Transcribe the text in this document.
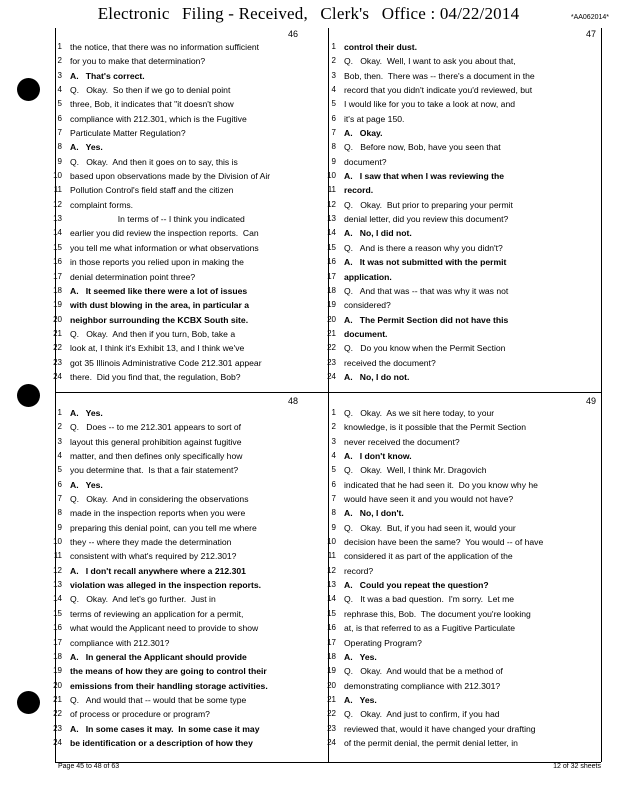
Electronic Filing - Received, Clerk's Office : 04/22/2014	*AA062014*
46	47
48	49
1 the notice, that there was no information sufficient
2 for you to make that determination?
3 A.   That's correct.
4 Q.   Okay.  So then if we go to denial point
5 three, Bob, it indicates that "it doesn't show
6 compliance with 212.301, which is the Fugitive
7 Particulate Matter Regulation?
8 A.   Yes.
9 Q.   Okay.  And then it goes on to say, this is
10 based upon observations made by the Division of Air
11 Pollution Control's field staff and the citizen
12 complaint forms.
13 In terms of -- I think you indicated
14 earlier you did review the inspection reports.  Can
15 you tell me what information or what observations
16 in those reports you relied upon in making the
17 denial determination point three?
18 A.   It seemed like there were a lot of issues
19 with dust blowing in the area, in particular a
20 neighbor surrounding the KCBX South site.
21 Q.   Okay.  And then if you turn, Bob, take a
22 look at, I think it's Exhibit 13, and I think we've
23 got 35 Illinois Administrative Code 212.301 appear
24 there.  Did you find that, the regulation, Bob?
1 control their dust.
2 Q.   Okay.  Well, I want to ask you about that,
3 Bob, then.  There was -- there's a document in the
4 record that you didn't indicate you'd reviewed, but
5 I would like for you to take a look at now, and
6 it's at page 150.
7 A.   Okay.
8 Q.   Before now, Bob, have you seen that
9 document?
10 A.   I saw that when I was reviewing the
11 record.
12 Q.   Okay.  But prior to preparing your permit
13 denial letter, did you review this document?
14 A.   No, I did not.
15 Q.   And is there a reason why you didn't?
16 A.   It was not submitted with the permit
17 application.
18 Q.   And that was -- that was why it was not
19 considered?
20 A.   The Permit Section did not have this
21 document.
22 Q.   Do you know when the Permit Section
23 received the document?
24 A.   No, I do not.
1 A.   Yes.
2 Q.   Does -- to me 212.301 appears to sort of
3 layout this general prohibition against fugitive
4 matter, and then defines only specifically how
5 you determine that.  Is that a fair statement?
6 A.   Yes.
7 Q.   Okay.  And in considering the observations
8 made in the inspection reports when you were
9 preparing this denial point, can you tell me where
10 they -- where they made the determination
11 consistent with what's required by 212.301?
12 A.   I don't recall anywhere where a 212.301
13 violation was alleged in the inspection reports.
14 Q.   Okay.  And let's go further.  Just in
15 terms of reviewing an application for a permit,
16 what would the Applicant need to provide to show
17 compliance with 212.301?
18 A.   In general the Applicant should provide
19 the means of how they are going to control their
20 emissions from their handling storage activities.
21 Q.   And would that -- would that be some type
22 of process or procedure or program?
23 A.   In some cases it may.  In some case it may
24 be identification or a description of how they
1 Q.   Okay.  As we sit here today, to your
2 knowledge, is it possible that the Permit Section
3 never received the document?
4 A.   I don't know.
5 Q.   Okay.  Well, I think Mr. Dragovich
6 indicated that he had seen it.  Do you know why he
7 would have seen it and you would not have?
8 A.   No, I don't.
9 Q.   Okay.  But, if you had seen it, would your
10 decision have been the same?  You would -- of have
11 considered it as part of the application of the
12 record?
13 A.   Could you repeat the question?
14 Q.   It was a bad question.  I'm sorry.  Let me
15 rephrase this, Bob.  The document you're looking
16 at, is that referred to as a Fugitive Particulate
17 Operating Program?
18 A.   Yes.
19 Q.   Okay.  And would that be a method of
20 demonstrating compliance with 212.301?
21 A.   Yes.
22 Q.   Okay.  And just to confirm, if you had
23 reviewed that, would it have changed your drafting
24 of the permit denial, the permit denial letter, in
Page 45 to 48 of 63	12 of 32 sheets
